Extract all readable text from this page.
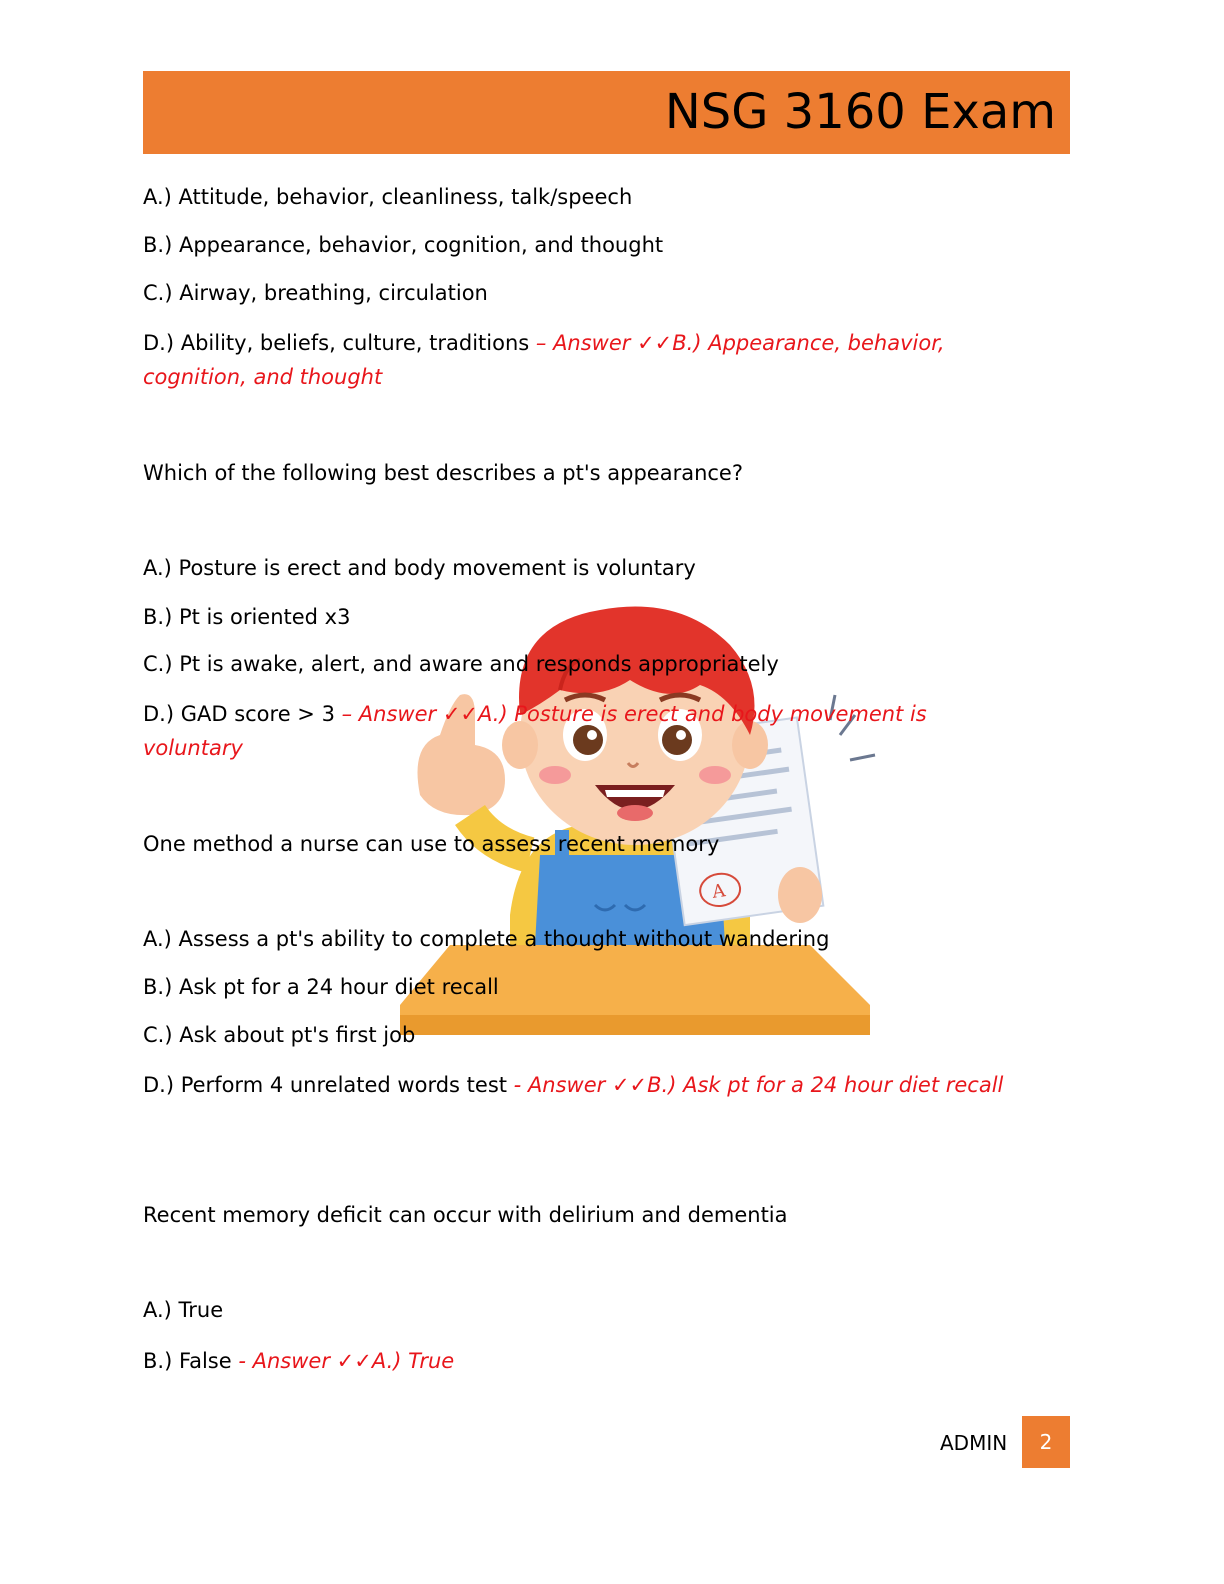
NSG 3160 Exam
A
A.) Attitude, behavior, cleanliness, talk/speech
B.) Appearance, behavior, cognition, and thought
C.) Airway, breathing, circulation
D.) Ability, beliefs, culture, traditions – Answer ✓✓B.) Appearance, behavior, cognition, and thought
Which of the following best describes a pt's appearance?
A.) Posture is erect and body movement is voluntary
B.) Pt is oriented x3
C.) Pt is awake, alert, and aware and responds appropriately
D.) GAD score > 3 – Answer ✓✓A.) Posture is erect and body movement is voluntary
One method a nurse can use to assess recent memory
A.) Assess a pt's ability to complete a thought without wandering
B.) Ask pt for a 24 hour diet recall
C.) Ask about pt's first job
D.) Perform 4 unrelated words test - Answer ✓✓B.) Ask pt for a 24 hour diet recall
Recent memory deficit can occur with delirium and dementia
A.) True
B.) False - Answer ✓✓A.) True
ADMIN	2
